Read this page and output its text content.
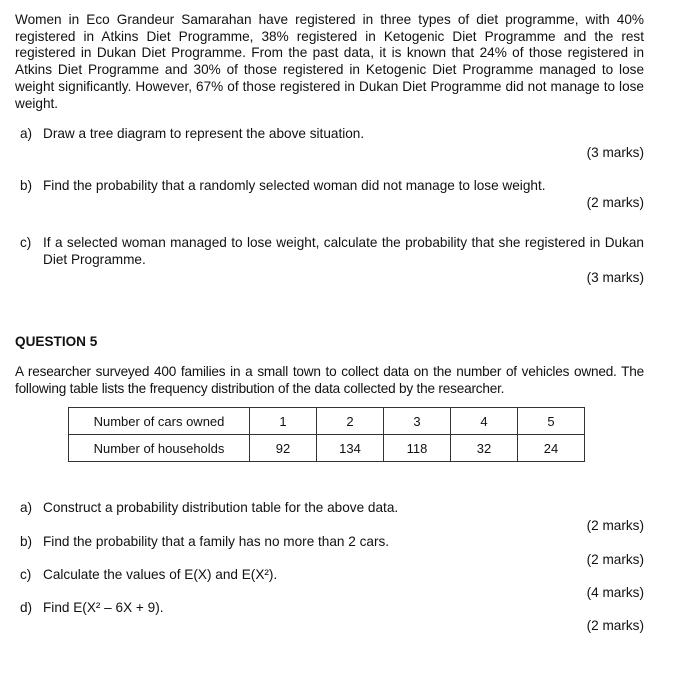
Women in Eco Grandeur Samarahan have registered in three types of diet programme, with 40% registered in Atkins Diet Programme, 38% registered in Ketogenic Diet Programme and the rest registered in Dukan Diet Programme. From the past data, it is known that 24% of those registered in Atkins Diet Programme and 30% of those registered in Ketogenic Diet Programme managed to lose weight significantly. However, 67% of those registered in Dukan Diet Programme did not manage to lose weight.
a) Draw a tree diagram to represent the above situation.
(3 marks)
b) Find the probability that a randomly selected woman did not manage to lose weight.
(2 marks)
c) If a selected woman managed to lose weight, calculate the probability that she registered in Dukan Diet Programme.
(3 marks)
QUESTION 5
A researcher surveyed 400 families in a small town to collect data on the number of vehicles owned. The following table lists the frequency distribution of the data collected by the researcher.
Number of cars owned	1	2	3	4	5
Number of households	92	134	118	32	24
a) Construct a probability distribution table for the above data.
(2 marks)
b) Find the probability that a family has no more than 2 cars.
(2 marks)
c) Calculate the values of E(X) and E(X²).
(4 marks)
d) Find E(X² – 6X + 9).
(2 marks)
